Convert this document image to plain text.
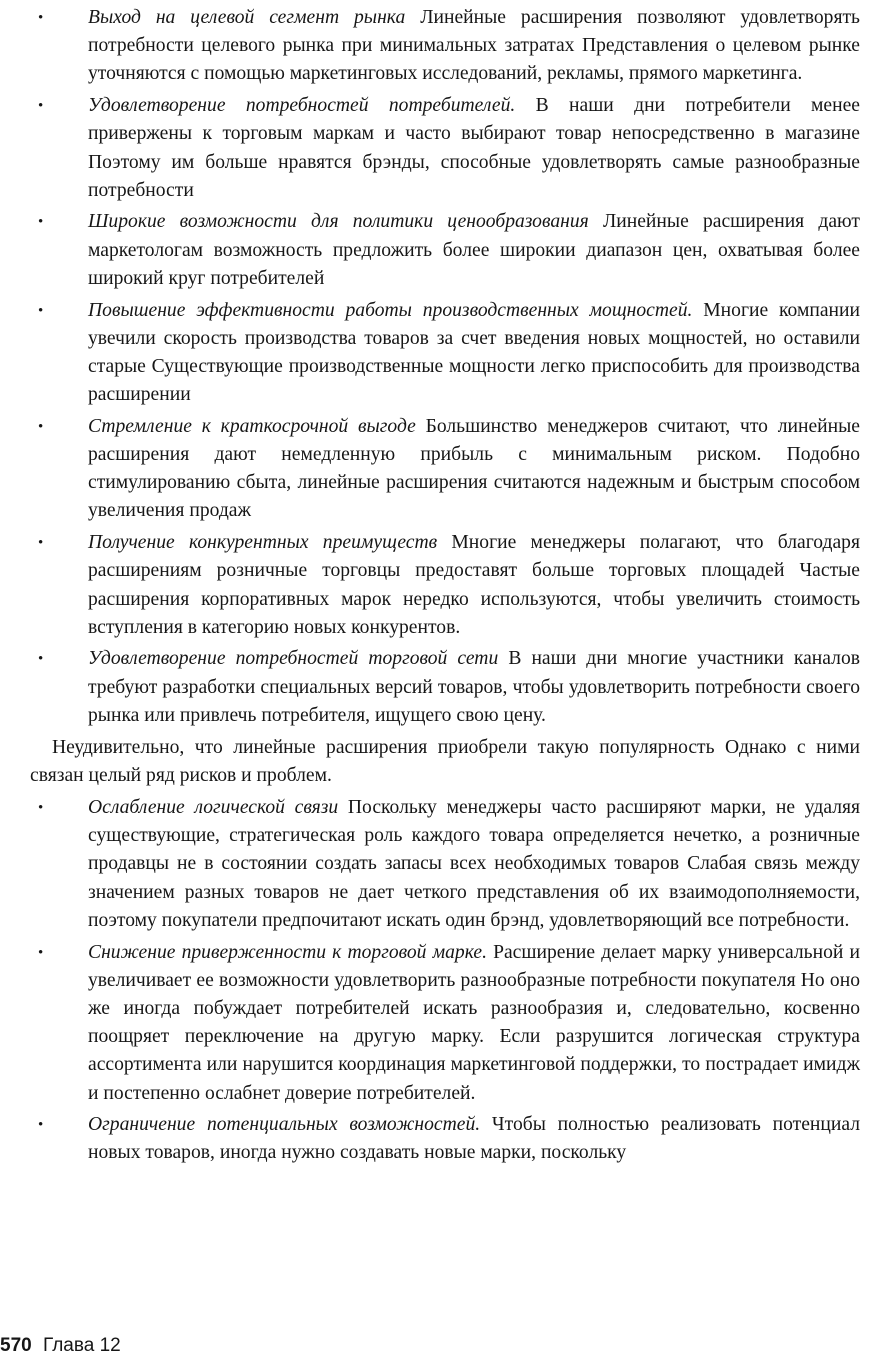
• Выход на целевой сегмент рынка Линейные расширения позволяют удовлетворять потребности целевого рынка при минимальных затратах Представления о целевом рынке уточняются с помощью маркетинговых исследований, рекламы, прямого маркетинга.
• Удовлетворение потребностей потребителей. В наши дни потребители менее привержены к торговым маркам и часто выбирают товар непосредственно в магазине Поэтому им больше нравятся брэнды, способные удовлетворять самые разнообразные потребности
• Широкие возможности для политики ценообразования Линейные расширения дают маркетологам возможность предложить более широкии диапазон цен, охватывая более широкий круг потребителей
• Повышение эффективности работы производственных мощностей. Многие компании увечили скорость производства товаров за счет введения новых мощностей, но оставили старые Существующие производственные мощности легко приспособить для производства расширении
• Стремление к краткосрочной выгоде Большинство менеджеров считают, что линейные расширения дают немедленную прибыль с минимальным риском. Подобно стимулированию сбыта, линейные расширения считаются надежным и быстрым способом увеличения продаж
• Получение конкурентных преимуществ Многие менеджеры полагают, что благодаря расширениям розничные торговцы предоставят больше торговых площадей Частые расширения корпоративных марок нередко используются, чтобы увеличить стоимость вступления в категорию новых конкурентов.
• Удовлетворение потребностей торговой сети В наши дни многие участники каналов требуют разработки специальных версий товаров, чтобы удовлетворить потребности своего рынка или привлечь потребителя, ищущего свою цену.

Неудивительно, что линейные расширения приобрели такую популярность Однако с ними связан целый ряд рисков и проблем.

• Ослабление логической связи Поскольку менеджеры часто расширяют марки, не удаляя существующие, стратегическая роль каждого товара определяется нечетко, а розничные продавцы не в состоянии создать запасы всех необходимых товаров Слабая связь между значением разных товаров не дает четкого представления об их взаимодополняемости, поэтому покупатели предпочитают искать один брэнд, удовлетворяющий все потребности.
• Снижение приверженности к торговой марке. Расширение делает марку универсальной и увеличивает ее возможности удовлетворить разнообразные потребности покупателя Но оно же иногда побуждает потребителей искать разнообразия и, следовательно, косвенно поощряет переключение на другую марку. Если разрушится логическая структура ассортимента или нарушится координация маркетинговой поддержки, то пострадает имидж и постепенно ослабнет доверие потребителей.
• Ограничение потенциальных возможностей. Чтобы полностью реализовать потенциал новых товаров, иногда нужно создавать новые марки, поскольку
570 Глава 12
